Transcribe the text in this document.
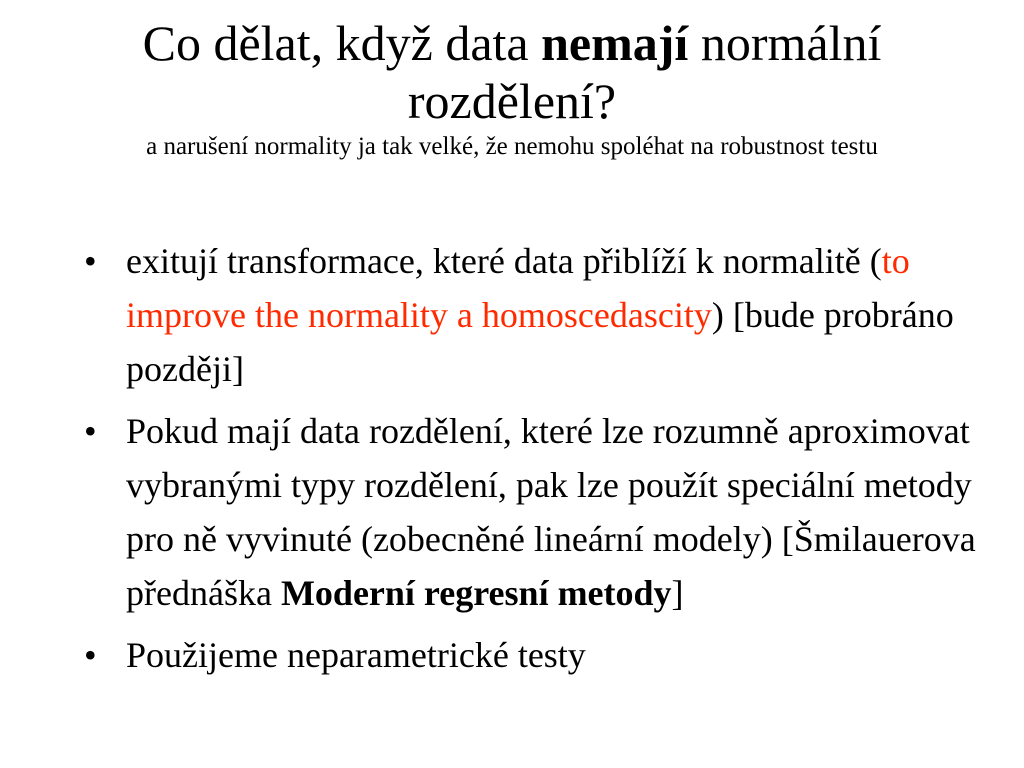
Co dělat, když data nemají normální
rozdělení?

a narušení normality ja tak velké, že nemohu spoléhat na robustnost testu

• exitují transformace, které data přiblíží k normalitě (to improve the normality a homoscedascity) [bude probráno později]
• Pokud mají data rozdělení, které lze rozumně aproximovat vybranými typy rozdělení, pak lze použít speciální metody pro ně vyvinuté (zobecněné lineární modely) [Šmilauerova přednáška Moderní regresní metody]
• Použijeme neparametrické testy
